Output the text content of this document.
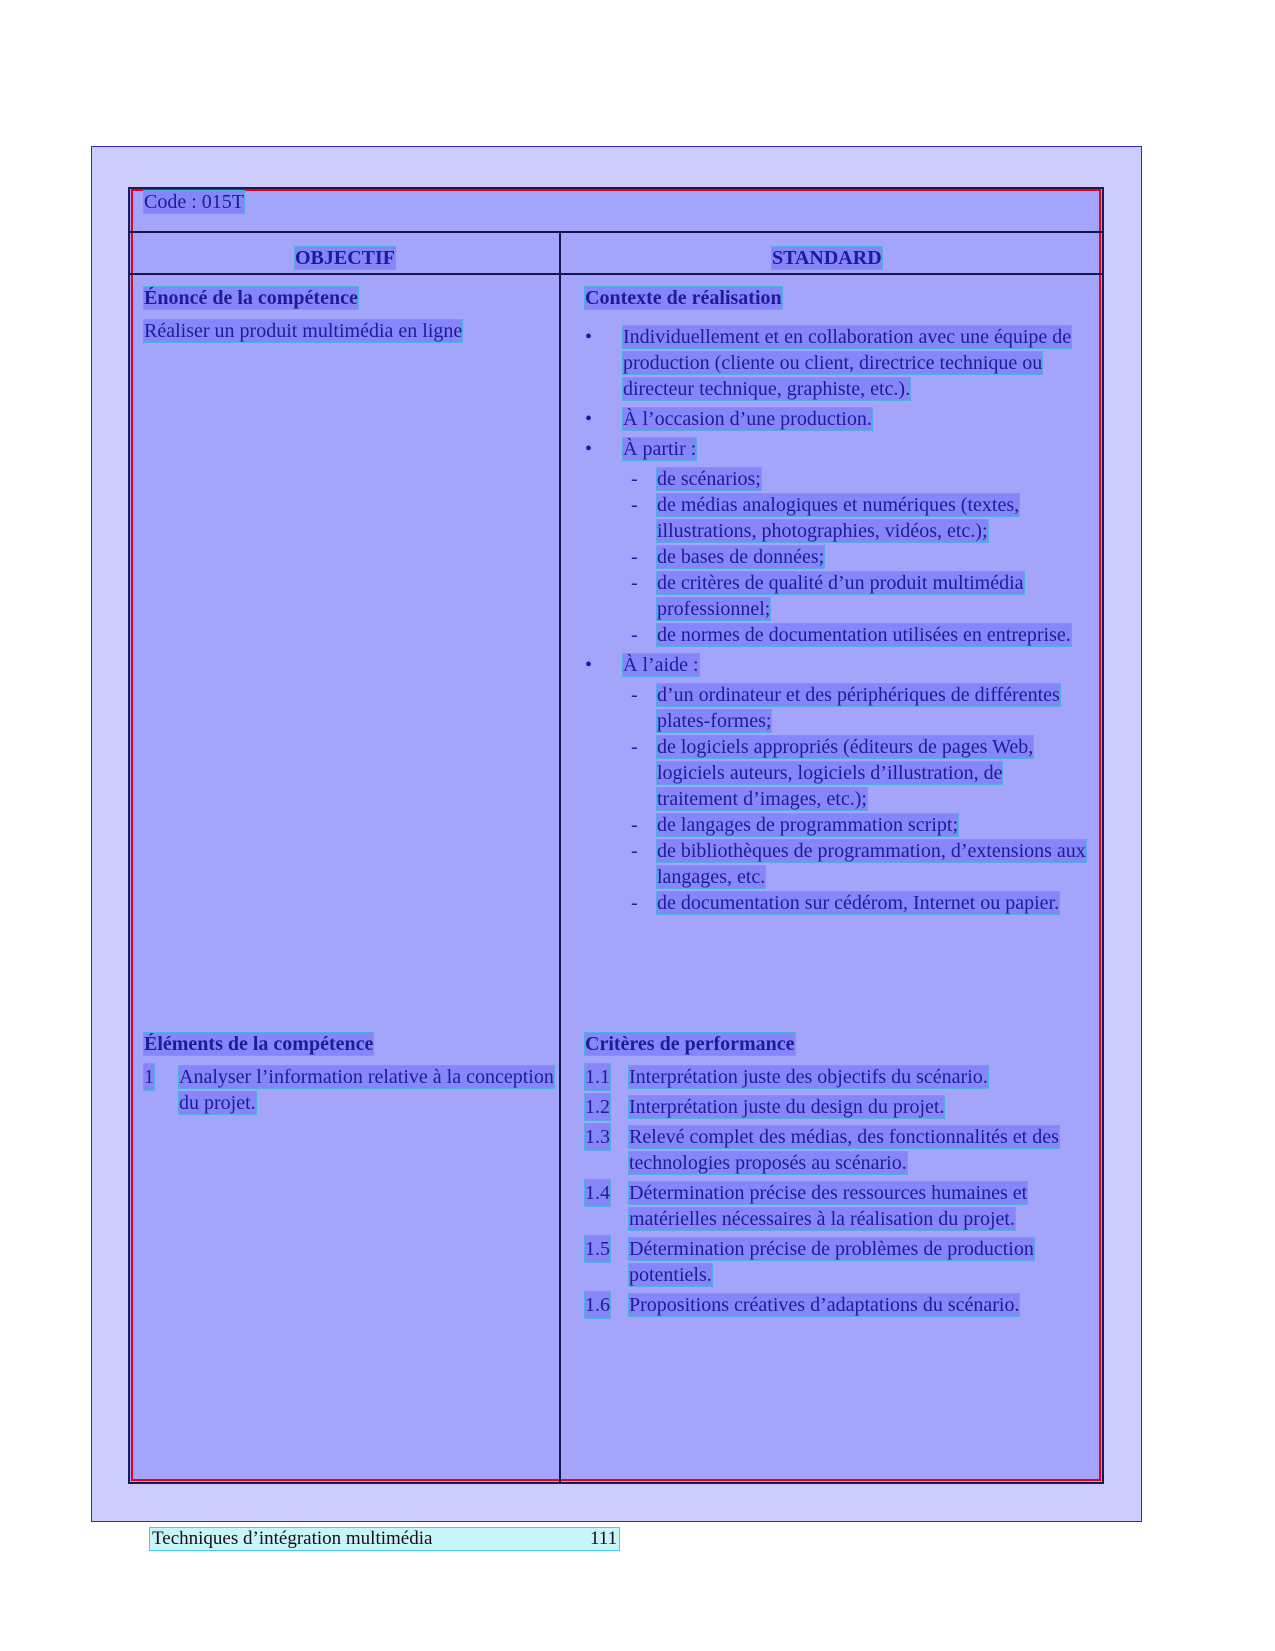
Code : 015T
OBJECTIF	STANDARD
Énoncé de la compétence
Réaliser un produit multimédia en ligne
Contexte de réalisation
• Individuellement et en collaboration avec une équipe de production (cliente ou client, directrice technique ou directeur technique, graphiste, etc.).
• À l’occasion d’une production.
• À partir :
- de scénarios;
- de médias analogiques et numériques (textes, illustrations, photographies, vidéos, etc.);
- de bases de données;
- de critères de qualité d’un produit multimédia professionnel;
- de normes de documentation utilisées en entreprise.
• À l’aide :
- d’un ordinateur et des périphériques de différentes plates-formes;
- de logiciels appropriés (éditeurs de pages Web, logiciels auteurs, logiciels d’illustration, de traitement d’images, etc.);
- de langages de programmation script;
- de bibliothèques de programmation, d’extensions aux langages, etc.
- de documentation sur cédérom, Internet ou papier.
Éléments de la compétence
1 Analyser l’information relative à la conception du projet.
Critères de performance
1.1 Interprétation juste des objectifs du scénario.
1.2 Interprétation juste du design du projet.
1.3 Relevé complet des médias, des fonctionnalités et des technologies proposés au scénario.
1.4 Détermination précise des ressources humaines et matérielles nécessaires à la réalisation du projet.
1.5 Détermination précise de problèmes de production potentiels.
1.6 Propositions créatives d’adaptations du scénario.
Techniques d’intégration multimédia	111
